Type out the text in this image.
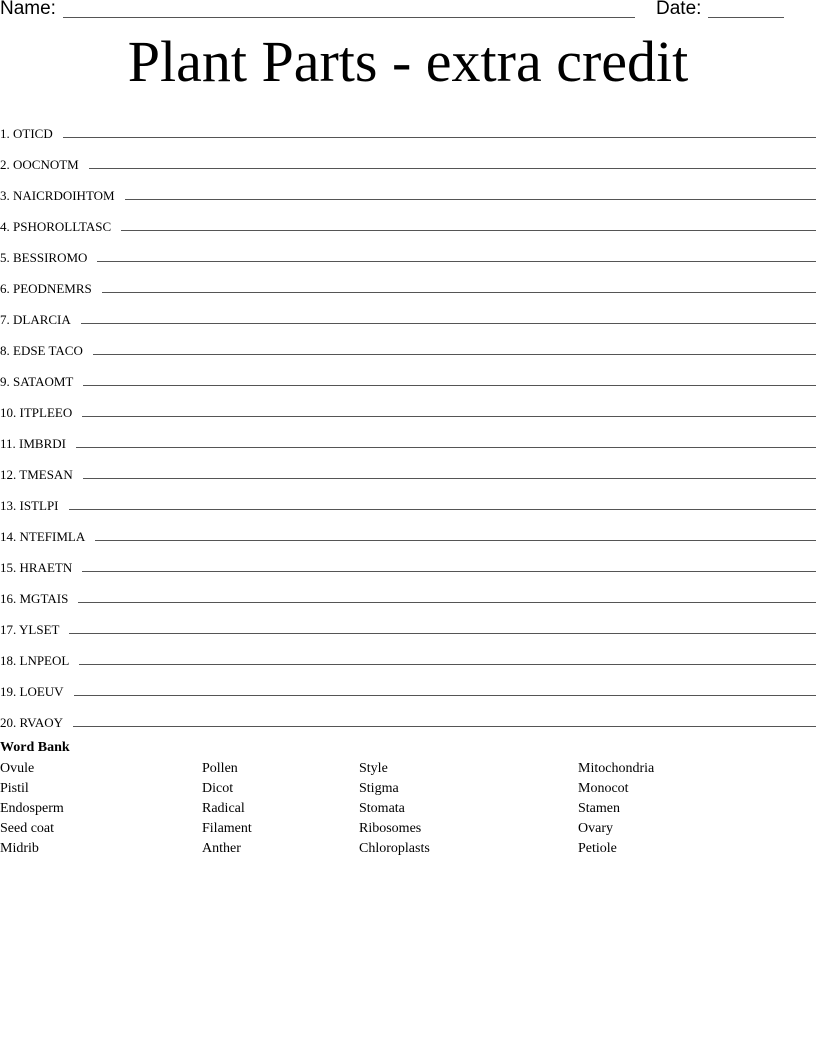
Name:	Date:
Plant Parts - extra credit
1. OTICD
2. OOCNOTM
3. NAICRDOIHTOM
4. PSHOROLLTASC
5. BESSIROMO
6. PEODNEMRS
7. DLARCIA
8. EDSE TACO
9. SATAOMT
10. ITPLEEO
11. IMBRDI
12. TMESAN
13. ISTLPI
14. NTEFIMLA
15. HRAETN
16. MGTAIS
17. YLSET
18. LNPEOL
19. LOEUV
20. RVAOY
Word Bank
Ovule
Pistil
Endosperm
Seed coat
Midrib
Pollen
Dicot
Radical
Filament
Anther
Style
Stigma
Stomata
Ribosomes
Chloroplasts
Mitochondria
Monocot
Stamen
Ovary
Petiole
